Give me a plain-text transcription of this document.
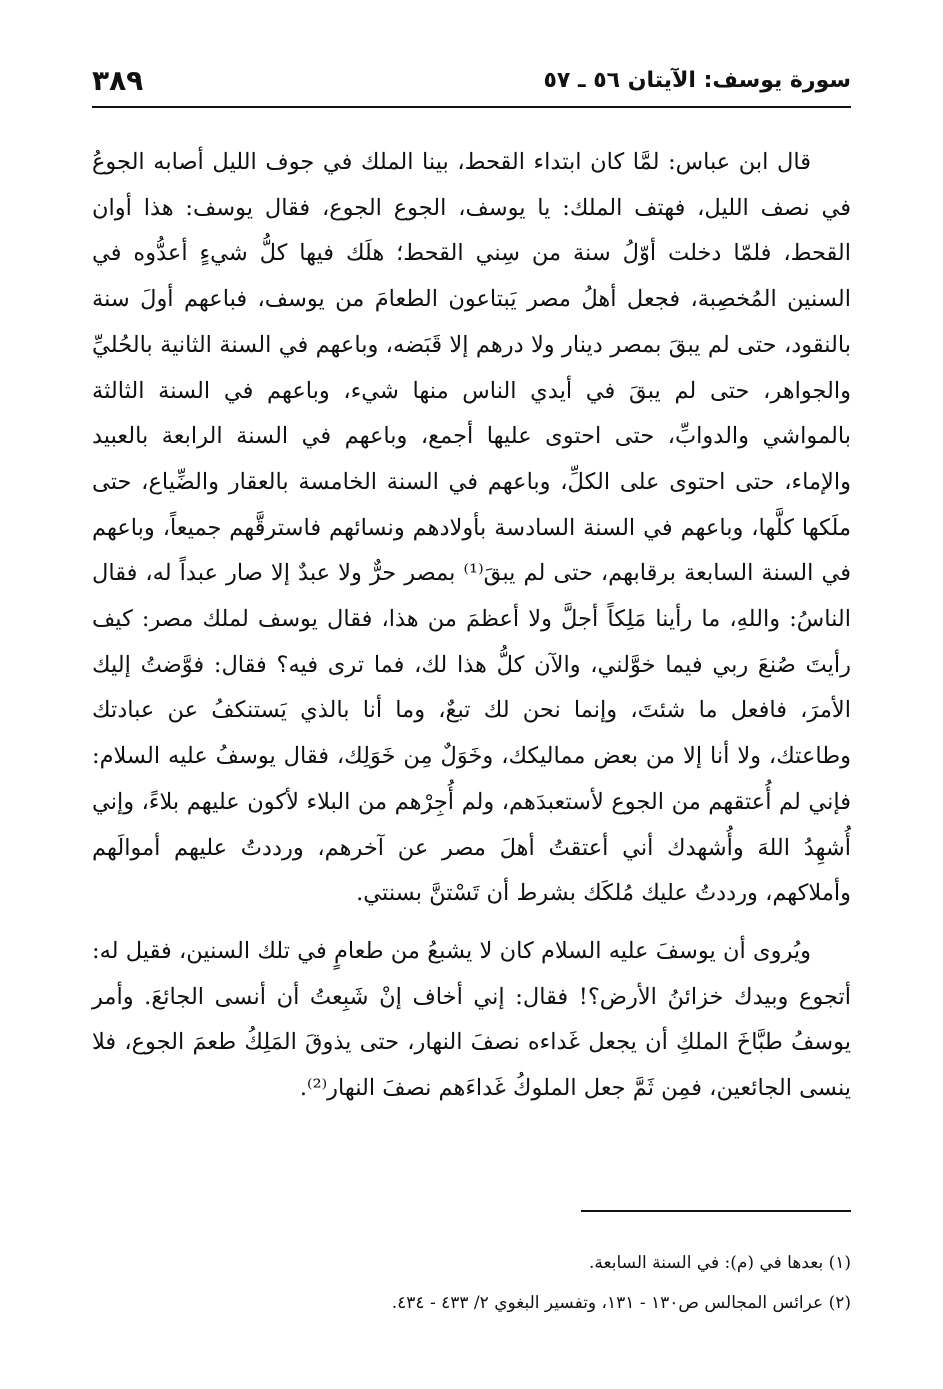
سورة يوسف: الآيتان ٥٦ ـ ٥٧
٣٨٩

قال ابن عباس: لمَّا كان ابتداء القحط، بينا الملك في جوف الليل أصابه الجوعُ في نصف الليل، فهتف الملك: يا يوسف، الجوع الجوع، فقال يوسف: هذا أوان القحط، فلمّا دخلت أوّلُ سنة من سِني القحط؛ هلَك فيها كلُّ شيءٍ أعدُّوه في السنين المُخصِبة، فجعل أهلُ مصر يَبتاعون الطعامَ من يوسف، فباعهم أولَ سنة بالنقود، حتى لم يبقَ بمصر دينار ولا درهم إلا قَبَضه، وباعهم في السنة الثانية بالحُليِّ والجواهر، حتى لم يبقَ في أيدي الناس منها شيء، وباعهم في السنة الثالثة بالمواشي والدوابِّ، حتى احتوى عليها أجمع، وباعهم في السنة الرابعة بالعبيد والإماء، حتى احتوى على الكلِّ، وباعهم في السنة الخامسة بالعقار والضِّياع، حتى ملَكها كلَّها، وباعهم في السنة السادسة بأولادهم ونسائهم فاسترقَّهم جميعاً، وباعهم في السنة السابعة برقابهم، حتى لم يبقَ⁽¹⁾ بمصر حرٌّ ولا عبدٌ إلا صار عبداً له، فقال الناسُ: واللهِ، ما رأينا مَلِكاً أجلَّ ولا أعظمَ من هذا، فقال يوسف لملك مصر: كيف رأيتَ صُنعَ ربي فيما خوَّلني، والآن كلُّ هذا لك، فما ترى فيه؟ فقال: فوَّضتُ إليك الأمرَ، فافعل ما شئتَ، وإنما نحن لك تبعٌ، وما أنا بالذي يَستنكفُ عن عبادتك وطاعتك، ولا أنا إلا من بعض مماليكك، وخَوَلٌ مِن خَوَلِك، فقال يوسفُ عليه السلام: فإني لم أُعتقهم من الجوع لأستعبدَهم، ولم أُجِرْهم من البلاء لأكون عليهم بلاءً، وإني أُشهِدُ اللهَ وأُشهدك أني أعتقتُ أهلَ مصر عن آخرهم، ورددتُ عليهم أموالَهم وأملاكهم، ورددتُ عليك مُلكَك بشرط أن تَسْتنَّ بسنتي.

ويُروى أن يوسفَ عليه السلام كان لا يشبعُ من طعامٍ في تلك السنين، فقيل له: أتجوع وبيدك خزائنُ الأرض؟! فقال: إني أخاف إنْ شَبِعتُ أن أنسى الجائعَ. وأمر يوسفُ طبَّاخَ الملكِ أن يجعل غَداءه نصفَ النهار، حتى يذوقَ المَلِكُ طعمَ الجوع، فلا ينسى الجائعين، فمِن ثَمَّ جعل الملوكُ غَداءَهم نصفَ النهار⁽²⁾.

(١) بعدها في (م): في السنة السابعة.
(٢) عرائس المجالس ص١٣٠ - ١٣١، وتفسير البغوي ٢/ ٤٣٣ - ٤٣٤.
